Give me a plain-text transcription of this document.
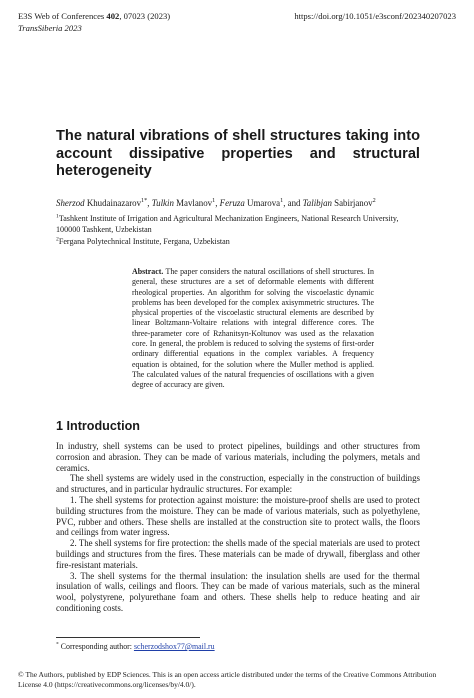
E3S Web of Conferences 402, 07023 (2023)
TransSiberia 2023
https://doi.org/10.1051/e3sconf/202340207023
The natural vibrations of shell structures taking into account dissipative properties and structural heterogeneity
Sherzod Khudainazarov$^{1*}$, Tulkin Mavlanov$^1$, Feruza Umarova$^1$, and Talibjan Sabirjanov$^2$
$^1$Tashkent Institute of Irrigation and Agricultural Mechanization Engineers, National Research University, 100000 Tashkent, Uzbekistan
$^2$Fergana Polytechnical Institute, Fergana, Uzbekistan
Abstract. The paper considers the natural oscillations of shell structures. In general, these structures are a set of deformable elements with different rheological properties. An algorithm for solving the viscoelastic dynamic problems has been developed for the complex axisymmetric structures. The physical properties of the viscoelastic structural elements are described by linear Boltzmann-Voltaire relations with integral difference cores. The three-parameter core of Rzhanitsyn-Koltunov was used as the relaxation core. In general, the problem is reduced to solving the systems of first-order ordinary differential equations in the complex variables. A frequency equation is obtained, for the solution where the Muller method is applied. The calculated values of the natural frequencies of oscillations with a given degree of accuracy are given.
1 Introduction

In industry, shell systems can be used to protect pipelines, buildings and other structures from corrosion and abrasion. They can be made of various materials, including the polymers, metals and ceramics.

The shell systems are widely used in the construction, especially in the construction of buildings and structures, and in particular hydraulic structures. For example:

1. The shell systems for protection against moisture: the moisture-proof shells are used to protect building structures from the moisture. They can be made of various materials, such as polyethylene, PVC, rubber and others. These shells are installed at the construction site to protect walls, the floors and ceilings from water ingress.

2. The shell systems for fire protection: the shells made of the special materials are used to protect buildings and structures from the fires. These materials can be made of drywall, fiberglass and other fire-resistant materials.

3. The shell systems for the thermal insulation: the insulation shells are used for the thermal insulation of walls, ceilings and floors. They can be made of various materials, such as the mineral wool, polystyrene, polyurethane foam and others. These shells help to reduce heating and air conditioning costs.

* Corresponding author: scherzodshox77@mail.ru
© The Authors, published by EDP Sciences. This is an open access article distributed under the terms of the Creative Commons Attribution License 4.0 (https://creativecommons.org/licenses/by/4.0/).
